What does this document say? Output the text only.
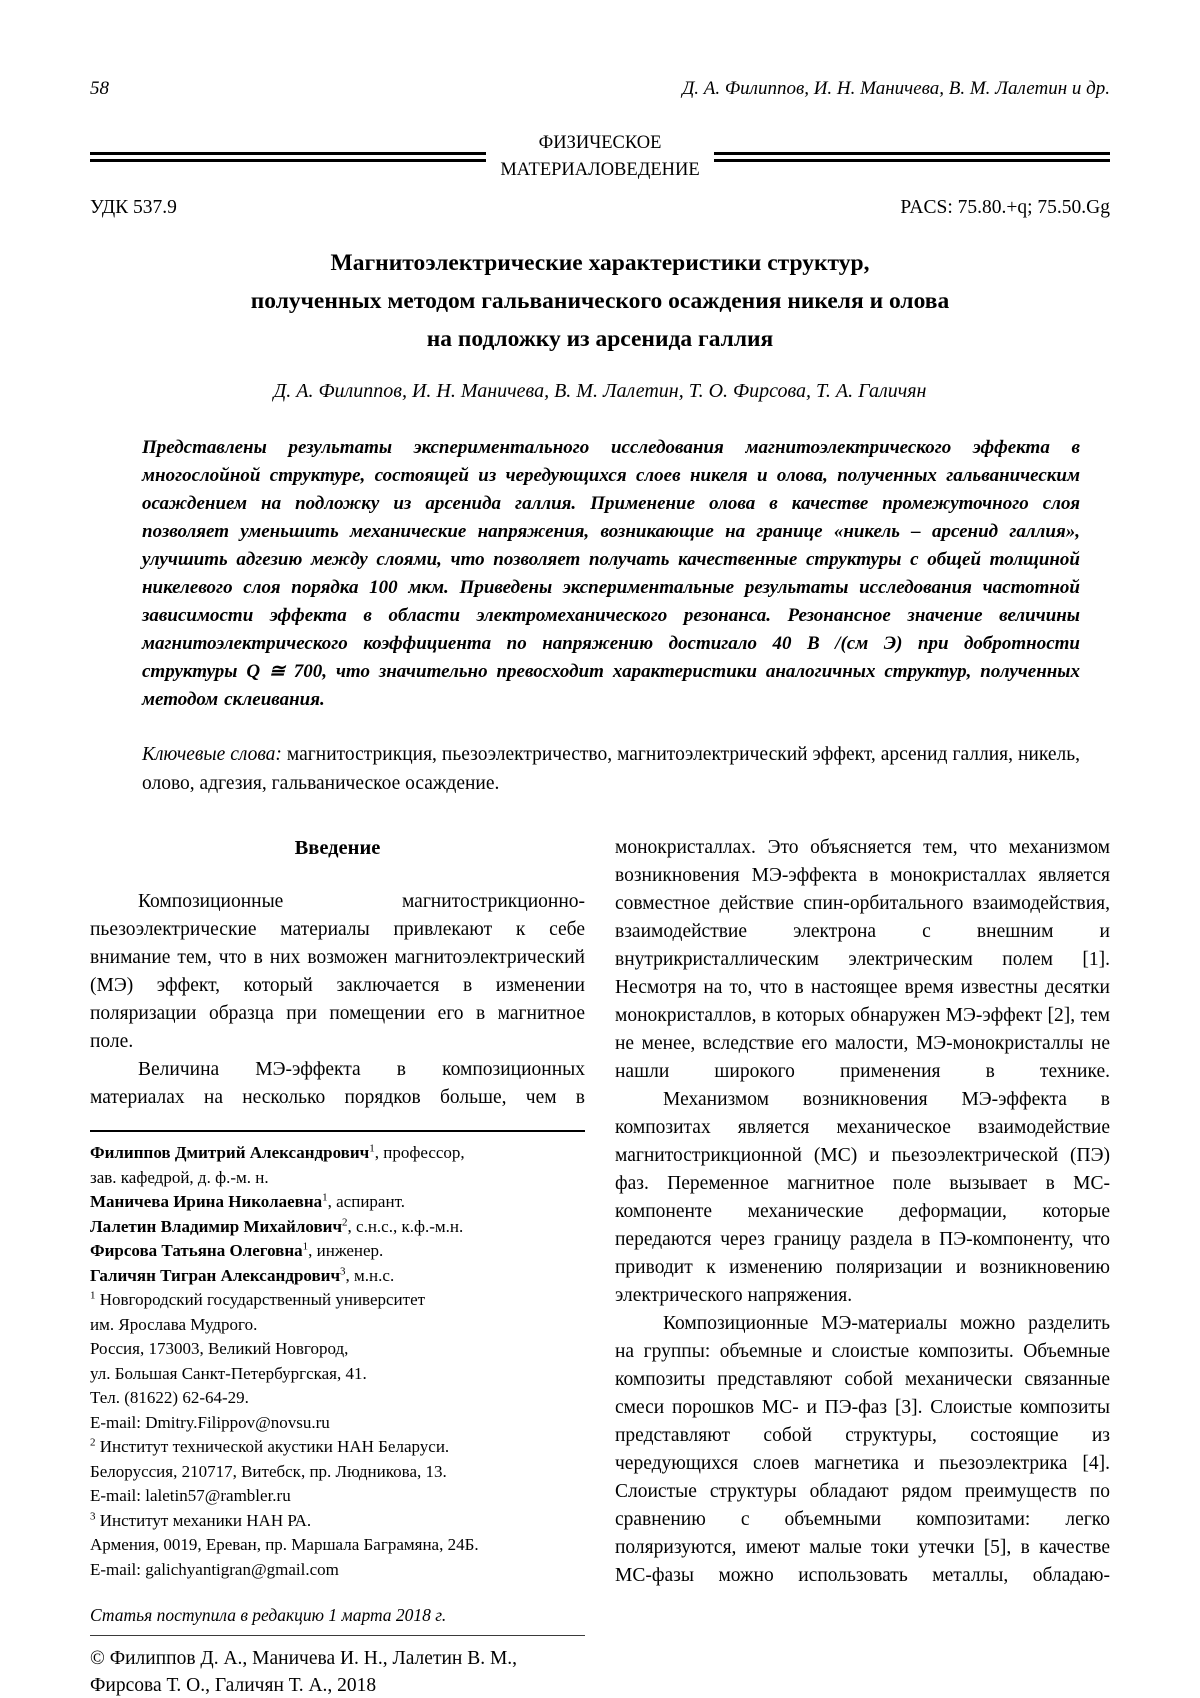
58	Д. А. Филиппов, И. Н. Маничева, В. М. Лалетин и др.
ФИЗИЧЕСКОЕ
МАТЕРИАЛОВЕДЕНИЕ
УДК 537.9	PACS: 75.80.+q; 75.50.Gg
Магнитоэлектрические характеристики структур,
полученных методом гальванического осаждения никеля и олова
на подложку из арсенида галлия
Д. А. Филиппов, И. Н. Маничева, В. М. Лалетин, Т. О. Фирсова, Т. А. Галичян
Представлены результаты экспериментального исследования магнитоэлектрического эффекта в многослойной структуре, состоящей из чередующихся слоев никеля и олова, полученных гальваническим осаждением на подложку из арсенида галлия. Применение олова в качестве промежуточного слоя позволяет уменьшить механические напряжения, возникающие на границе «никель – арсенид галлия», улучшить адгезию между слоями, что позволяет получать качественные структуры с общей толщиной никелевого слоя порядка 100 мкм. Приведены экспериментальные результаты исследования частотной зависимости эффекта в области электромеханического резонанса. Резонансное значение величины магнитоэлектрического коэффициента по напряжению достигало 40 В /(см Э) при добротности структуры Q ≅ 700, что значительно превосходит характеристики аналогичных структур, полученных методом склеивания.
Ключевые слова: магнитострикция, пьезоэлектричество, магнитоэлектрический эффект, арсенид галлия, никель, олово, адгезия, гальваническое осаждение.
Введение

Композиционные магнитострикционно-пьезоэлектрические материалы привлекают к себе внимание тем, что в них возможен магнитоэлектрический (МЭ) эффект, который заключается в изменении поляризации образца при помещении его в магнитное поле.

Величина МЭ-эффекта в композиционных материалах на несколько порядков больше, чем в

Филиппов Дмитрий Александрович$^1$, профессор,
зав. кафедрой, д. ф.-м. н.
Маничева Ирина Николаевна$^1$, аспирант.
Лалетин Владимир Михайлович$^2$, с.н.с., к.ф.-м.н.
Фирсова Татьяна Олеговна$^1$, инженер.
Галичян Тигран Александрович$^3$, м.н.с.
$^1$ Новгородский государственный университет
им. Ярослава Мудрого.
Россия, 173003, Великий Новгород,
ул. Большая Санкт-Петербургская, 41.
Тел. (81622) 62-64-29.
E-mail: Dmitry.Filippov@novsu.ru
$^2$ Институт технической акустики НАН Беларуси.
Белоруссия, 210717, Витебск, пр. Людникова, 13.
E-mail: laletin57@rambler.ru
$^3$ Институт механики НАН РА.
Армения, 0019, Ереван, пр. Маршала Баграмяна, 24Б.
E-mail: galichyantigran@gmail.com
Статья поступила в редакцию 1 марта 2018 г.
© Филиппов Д. А., Маничева И. Н., Лалетин В. М., Фирсова Т. О., Галичян Т. А., 2018

монокристаллах. Это объясняется тем, что механизмом возникновения МЭ-эффекта в монокристаллах является совместное действие спин-орбитального взаимодействия, взаимодействие электрона с внешним и внутрикристаллическим электрическим полем [1]. Несмотря на то, что в настоящее время известны десятки монокристаллов, в которых обнаружен МЭ-эффект [2], тем не менее, вследствие его малости, МЭ-монокристаллы не нашли широкого применения в технике.

Механизмом возникновения МЭ-эффекта в композитах является механическое взаимодействие магнитострикционной (МС) и пьезоэлектрической (ПЭ) фаз. Переменное магнитное поле вызывает в МС-компоненте механические деформации, которые передаются через границу раздела в ПЭ-компоненту, что приводит к изменению поляризации и возникновению электрического напряжения.

Композиционные МЭ-материалы можно разделить на группы: объемные и слоистые композиты. Объемные композиты представляют собой механически связанные смеси порошков МС- и ПЭ-фаз [3]. Слоистые композиты представляют собой структуры, состоящие из чередующихся слоев магнетика и пьезоэлектрика [4]. Слоистые структуры обладают рядом преимуществ по сравнению с объемными композитами: легко поляризуются, имеют малые токи утечки [5], в качестве МС-фазы можно использовать металлы, обладаю-
